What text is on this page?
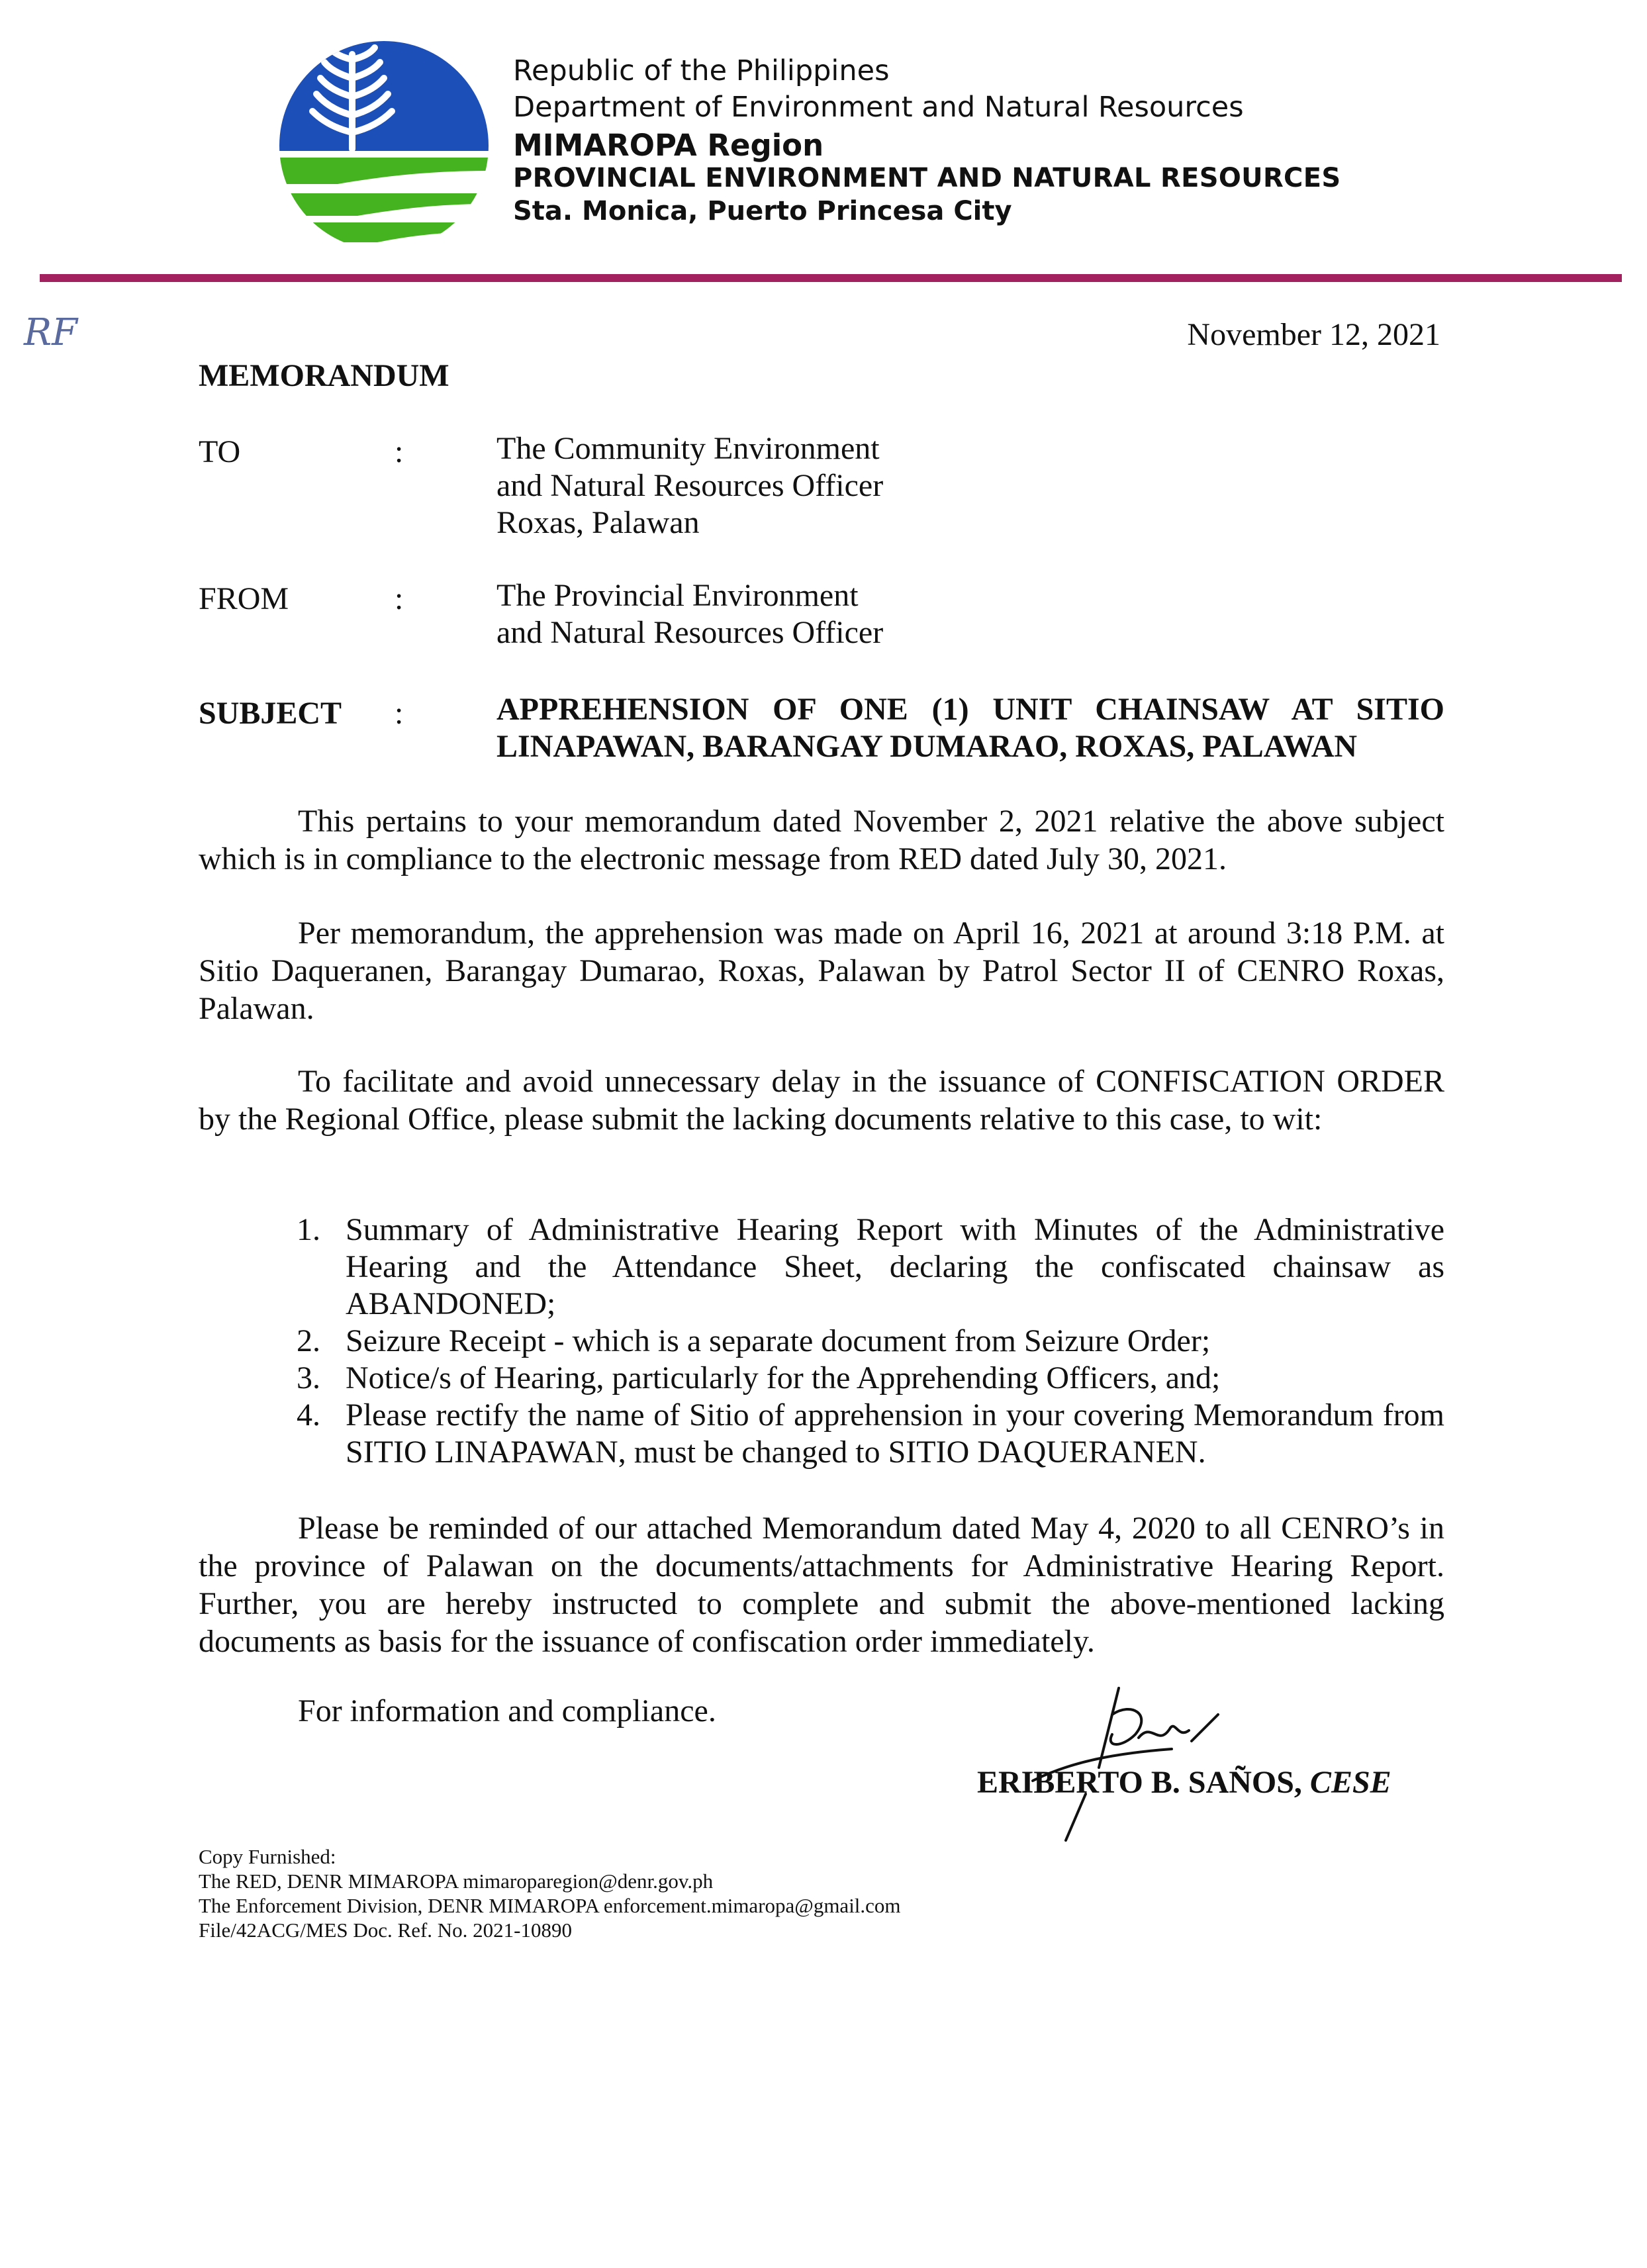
Republic of the Philippines
Department of Environment and Natural Resources
MIMAROPA Region
PROVINCIAL ENVIRONMENT AND NATURAL RESOURCES
Sta. Monica, Puerto Princesa City
RF	November 12, 2021
MEMORANDUM
TO	:	The Community Environment
and Natural Resources Officer
Roxas, Palawan
FROM	:	The Provincial Environment
and Natural Resources Officer
SUBJECT :	APPREHENSION OF ONE (1) UNIT CHAINSAW AT SITIO LINAPAWAN, BARANGAY DUMARAO, ROXAS, PALAWAN
This pertains to your memorandum dated November 2, 2021 relative the above subject which is in compliance to the electronic message from RED dated July 30, 2021.
Per memorandum, the apprehension was made on April 16, 2021 at around 3:18 P.M. at Sitio Daqueranen, Barangay Dumarao, Roxas, Palawan by Patrol Sector II of CENRO Roxas, Palawan.
To facilitate and avoid unnecessary delay in the issuance of CONFISCATION ORDER by the Regional Office, please submit the lacking documents relative to this case, to wit:
1. Summary of Administrative Hearing Report with Minutes of the Administrative Hearing and the Attendance Sheet, declaring the confiscated chainsaw as ABANDONED;
2. Seizure Receipt - which is a separate document from Seizure Order;
3. Notice/s of Hearing, particularly for the Apprehending Officers, and;
4. Please rectify the name of Sitio of apprehension in your covering Memorandum from SITIO LINAPAWAN, must be changed to SITIO DAQUERANEN.
Please be reminded of our attached Memorandum dated May 4, 2020 to all CENRO’s in the province of Palawan on the documents/attachments for Administrative Hearing Report. Further, you are hereby instructed to complete and submit the above-mentioned lacking documents as basis for the issuance of confiscation order immediately.
For information and compliance.
ERIBERTO B. SAÑOS, CESE
Copy Furnished:
The RED, DENR MIMAROPA mimaroparegion@denr.gov.ph
The Enforcement Division, DENR MIMAROPA enforcement.mimaropa@gmail.com
File/42ACG/MES Doc. Ref. No. 2021-10890
